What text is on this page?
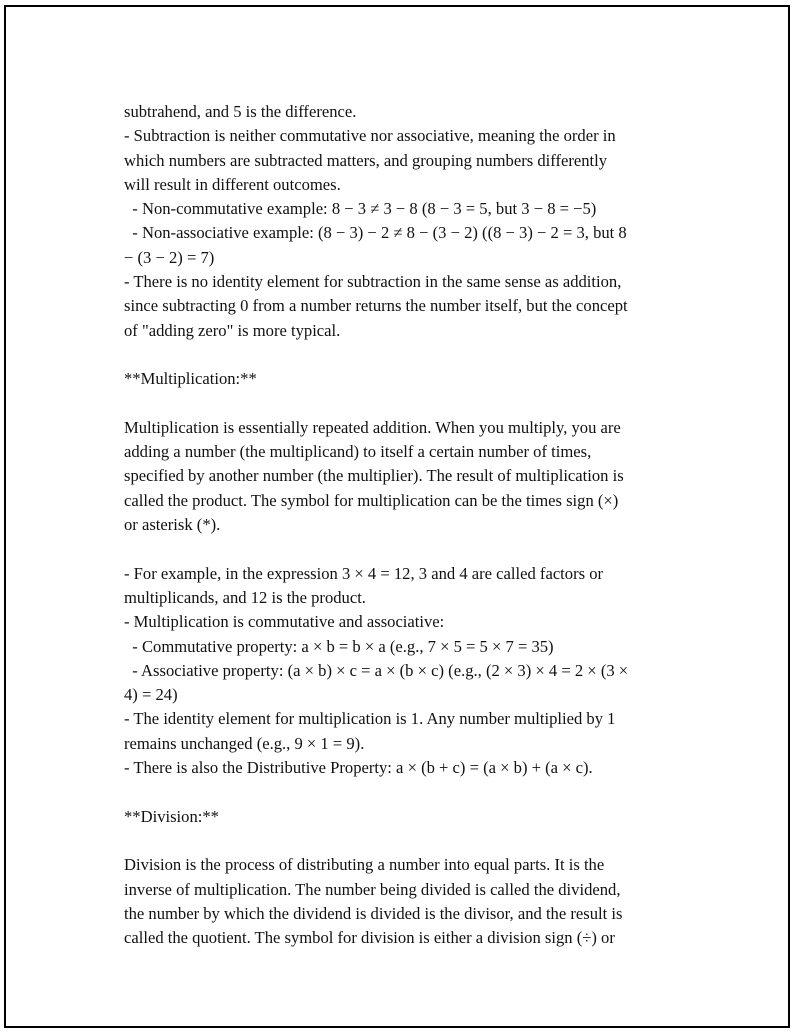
subtrahend, and 5 is the difference.
- Subtraction is neither commutative nor associative, meaning the order in
which numbers are subtracted matters, and grouping numbers differently
will result in different outcomes.
- Non-commutative example: 8 − 3 ≠ 3 − 8 (8 − 3 = 5, but 3 − 8 = −5)
- Non-associative example: (8 − 3) − 2 ≠ 8 − (3 − 2) ((8 − 3) − 2 = 3, but 8
− (3 − 2) = 7)
- There is no identity element for subtraction in the same sense as addition,
since subtracting 0 from a number returns the number itself, but the concept
of "adding zero" is more typical.
**Multiplication:**
Multiplication is essentially repeated addition. When you multiply, you are
adding a number (the multiplicand) to itself a certain number of times,
specified by another number (the multiplier). The result of multiplication is
called the product. The symbol for multiplication can be the times sign (×)
or asterisk (*).
- For example, in the expression 3 × 4 = 12, 3 and 4 are called factors or
multiplicands, and 12 is the product.
- Multiplication is commutative and associative:
- Commutative property: a × b = b × a (e.g., 7 × 5 = 5 × 7 = 35)
- Associative property: (a × b) × c = a × (b × c) (e.g., (2 × 3) × 4 = 2 × (3 ×
4) = 24)
- The identity element for multiplication is 1. Any number multiplied by 1
remains unchanged (e.g., 9 × 1 = 9).
- There is also the Distributive Property: a × (b + c) = (a × b) + (a × c).
**Division:**
Division is the process of distributing a number into equal parts. It is the
inverse of multiplication. The number being divided is called the dividend,
the number by which the dividend is divided is the divisor, and the result is
called the quotient. The symbol for division is either a division sign (÷) or
